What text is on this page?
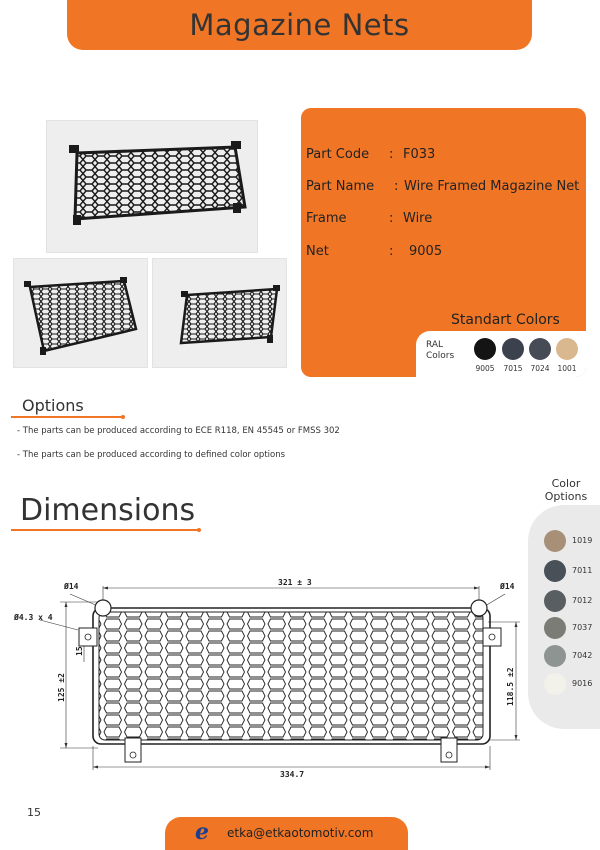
Magazine Nets
Part Code : F033
Part Name : Wire Framed Magazine Net
Frame	: Wire
Net	: 9005
Standart Colors
RAL
Colors
9005	7015	7024	1001
Options
- The parts can be produced according to ECE R118, EN 45545 or FMSS 302
- The parts can be produced according to defined color options
Dimensions
Color
Options
1019
7011
7012
7037
7042
9016
321 ± 3
334.7
Ø14	Ø14
Ø4.3 x 4
125 ±2
15
118.5 ±2
15
e etka@etkaotomotiv.com
